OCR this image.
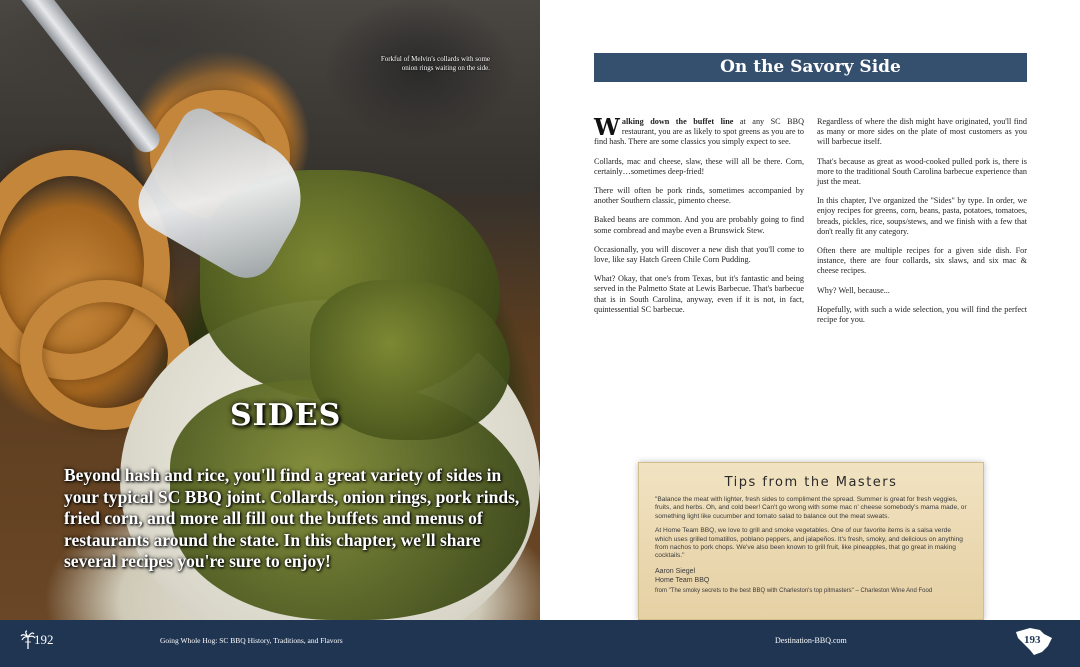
Forkful of Melvin's collards with some onion rings waiting on the side.
SIDES
Beyond hash and rice, you'll find a great variety of sides in your typical SC BBQ joint. Collards, onion rings, pork rinds, fried corn, and more all fill out the buffets and menus of restaurants around the state. In this chapter, we'll share several recipes you're sure to enjoy!
On the Savory Side

Walking down the buffet line at any SC BBQ restaurant, you are as likely to spot greens as you are to find hash. There are some classics you simply expect to see.

Collards, mac and cheese, slaw, these will all be there. Corn, certainly…sometimes deep-fried!

There will often be pork rinds, sometimes accompanied by another Southern classic, pimento cheese.

Baked beans are common. And you are probably going to find some cornbread and maybe even a Brunswick Stew.

Occasionally, you will discover a new dish that you'll come to love, like say Hatch Green Chile Corn Pudding.

What? Okay, that one's from Texas, but it's fantastic and being served in the Palmetto State at Lewis Barbecue. That's barbecue that is in South Carolina, anyway, even if it is not, in fact, quintessential SC barbecue.

Regardless of where the dish might have originated, you'll find as many or more sides on the plate of most customers as you will barbecue itself.

That's because as great as wood-cooked pulled pork is, there is more to the traditional South Carolina barbecue experience than just the meat.

In this chapter, I've organized the "Sides" by type. In order, we enjoy recipes for greens, corn, beans, pasta, potatoes, tomatoes, breads, pickles, rice, soups/stews, and we finish with a few that don't really fit any category.

Often there are multiple recipes for a given side dish. For instance, there are four collards, six slaws, and six mac & cheese recipes.

Why? Well, because...

Hopefully, with such a wide selection, you will find the perfect recipe for you.

Tips from the Masters

"Balance the meat with lighter, fresh sides to compliment the spread. Summer is great for fresh veggies, fruits, and herbs. Oh, and cold beer! Can't go wrong with some mac n' cheese somebody's mama made, or something light like cucumber and tomato salad to balance out the meat sweats.

At Home Team BBQ, we love to grill and smoke vegetables. One of our favorite items is a salsa verde which uses grilled tomatillos, poblano peppers, and jalapeños. It's fresh, smoky, and delicious on anything from nachos to pork chops. We've also been known to grill fruit, like pineapples, that go great in making cocktails."

Aaron Siegel
Home Team BBQ
from "The smoky secrets to the best BBQ with Charleston's top pitmasters" – Charleston Wine And Food
192	Going Whole Hog: SC BBQ History, Traditions, and Flavors	Destination-BBQ.com	193
